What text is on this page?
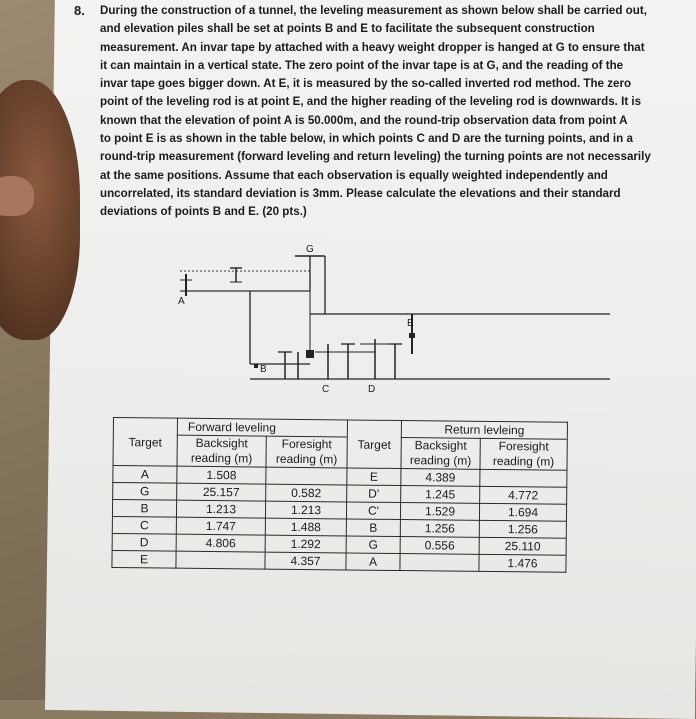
8. During the construction of a tunnel, the leveling measurement as shown below shall be carried out,
and elevation piles shall be set at points B and E to facilitate the subsequent construction
measurement. An invar tape by attached with a heavy weight dropper is hanged at G to ensure that
it can maintain in a vertical state. The zero point of the invar tape is at G, and the reading of the
invar tape goes bigger down. At E, it is measured by the so-called inverted rod method. The zero
point of the leveling rod is at point E, and the higher reading of the leveling rod is downwards. It is
known that the elevation of point A is 50.000m, and the round-trip observation data from point A
to point E is as shown in the table below, in which points C and D are the turning points, and in a
round-trip measurement (forward leveling and return leveling) the turning points are not necessarily
at the same positions. Assume that each observation is equally weighted independently and
uncorrelated, its standard deviation is 3mm. Please calculate the elevations and their standard
deviations of points B and E. (20 pts.)
A
G
B
C	D
E
Target	Forward leveling		Target	Return levleing	
	Backsight reading (m)	Foresight reading (m)		Backsight reading (m)	Foresight reading (m)
A	1.508		E	4.389	
G	25.157	0.582	D'	1.245	4.772
B	1.213	1.213	C'	1.529	1.694
C	1.747	1.488	B	1.256	1.256
D	4.806	1.292	G	0.556	25.110
E		4.357	A		1.476
